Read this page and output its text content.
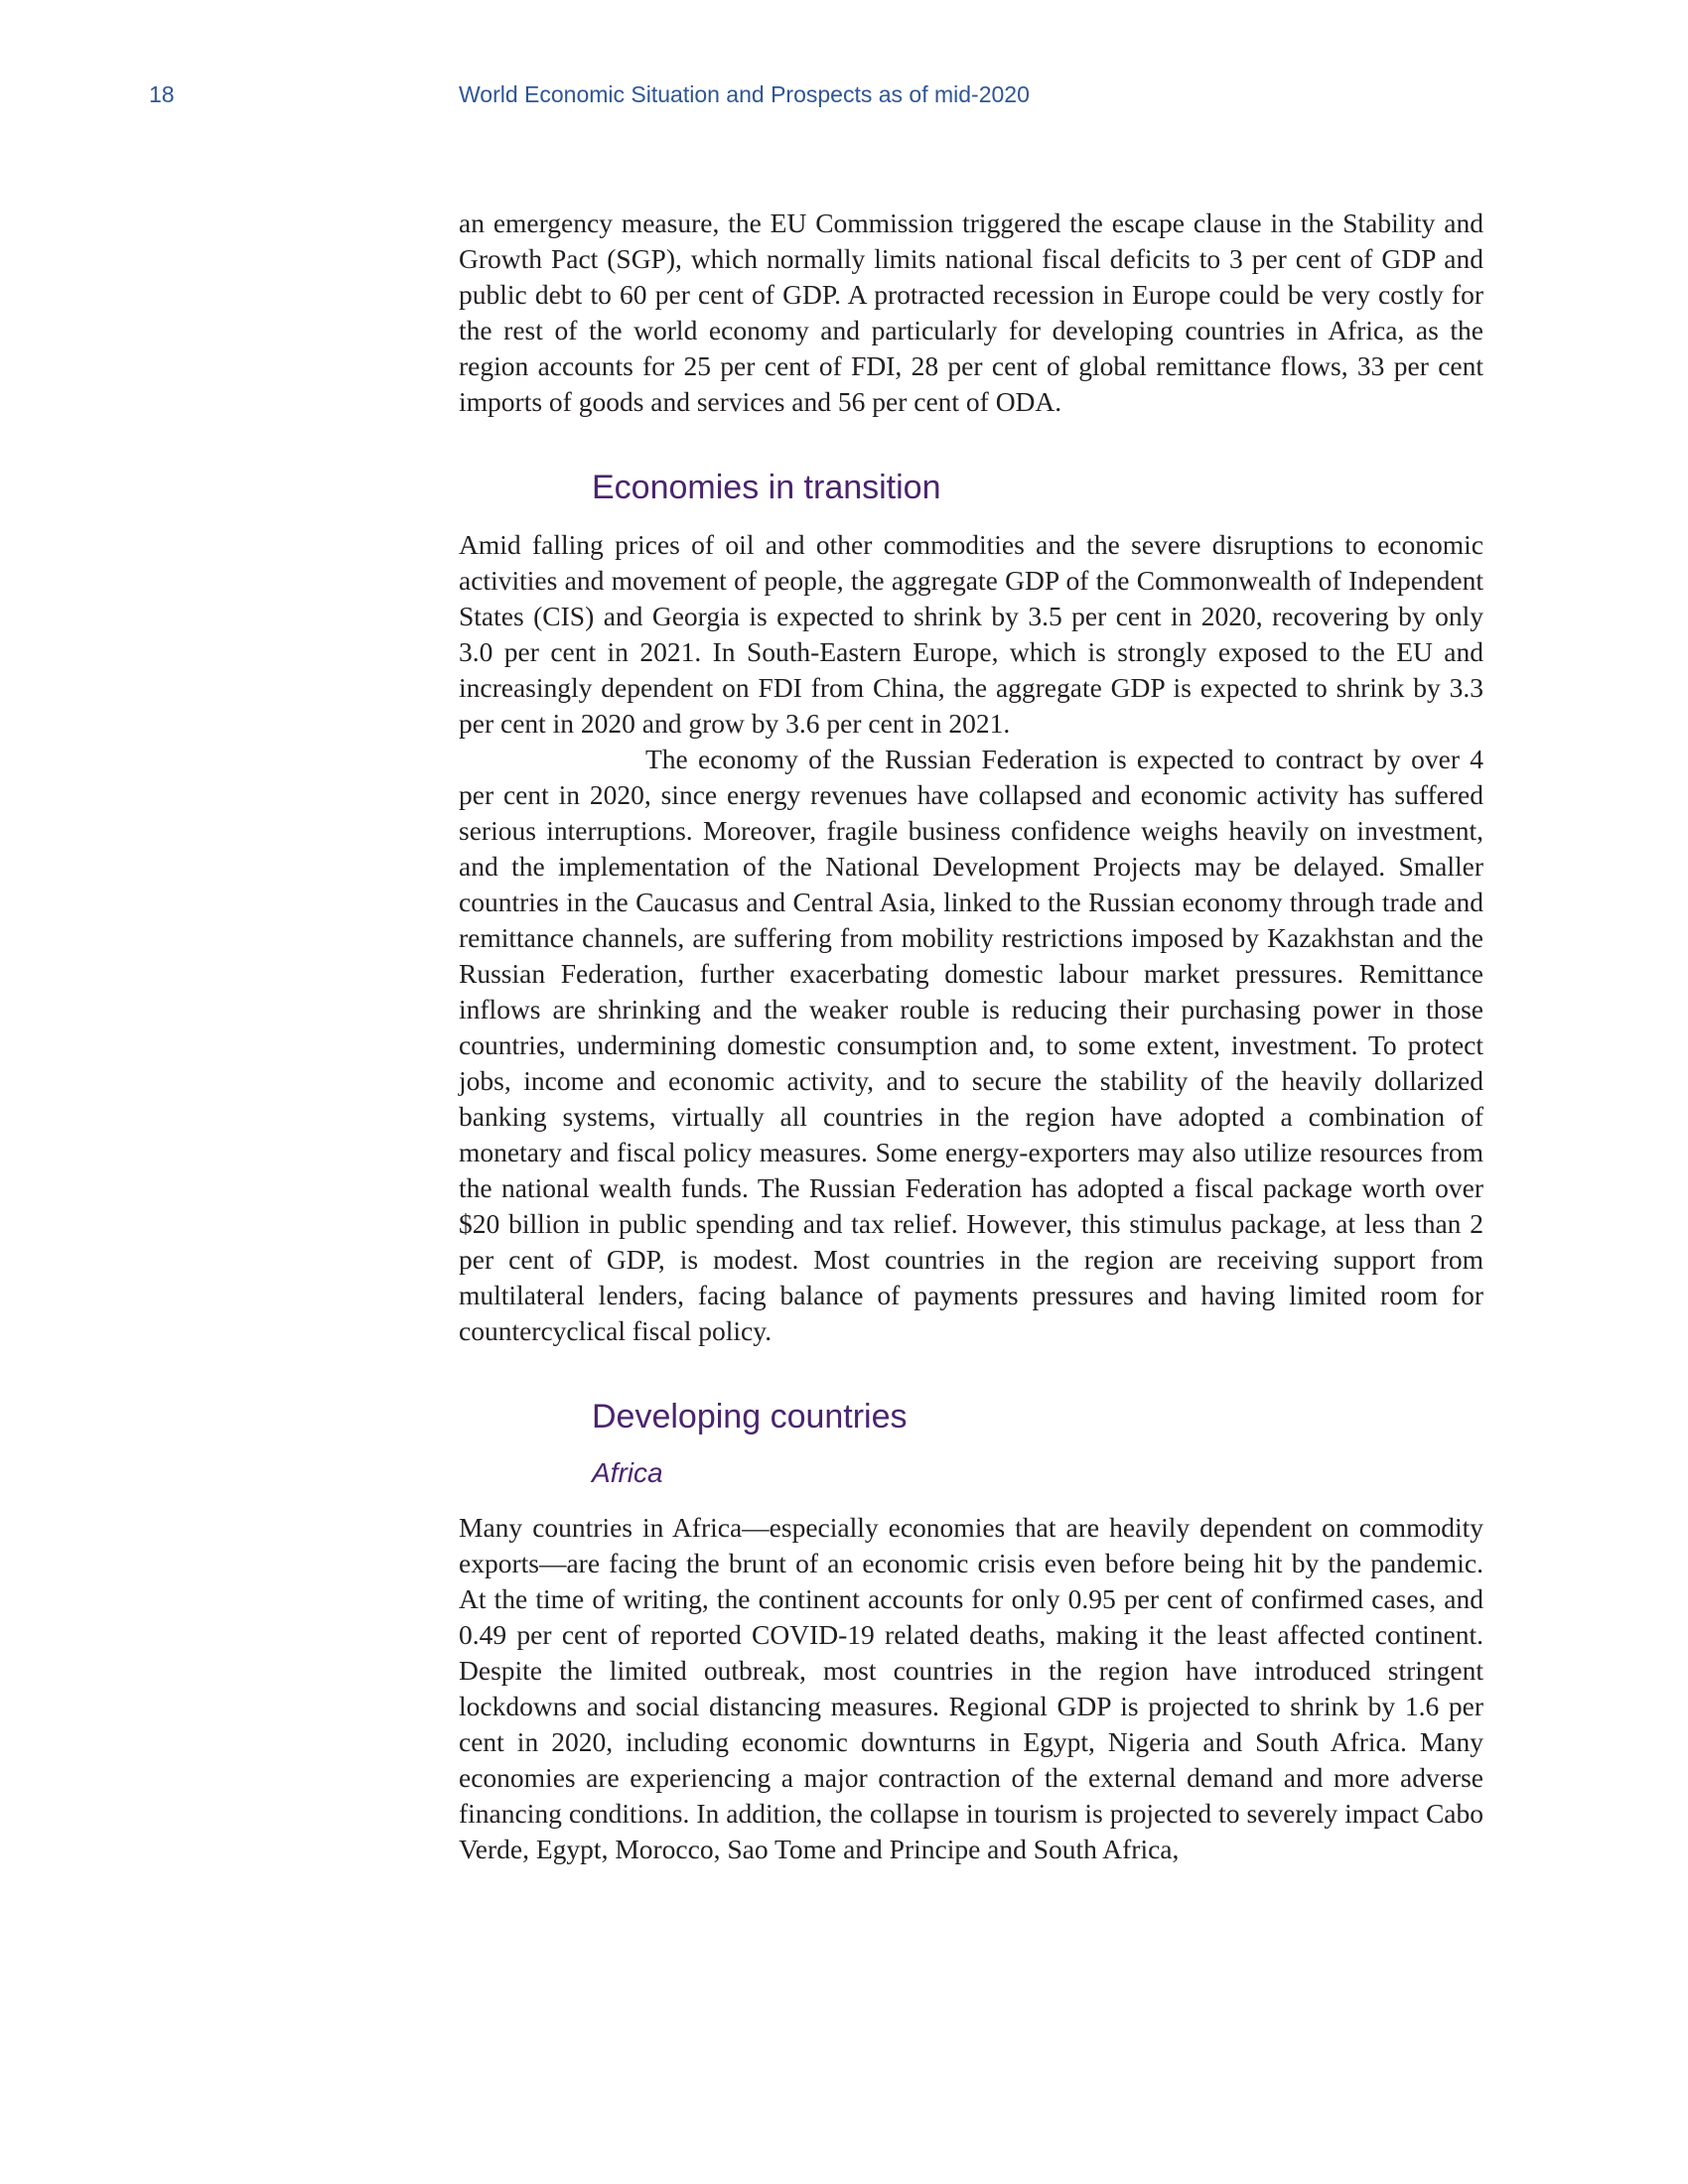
18	World Economic Situation and Prospects as of mid-2020

an emergency measure, the EU Commission triggered the escape clause in the Stability and Growth Pact (SGP), which normally limits national fiscal deficits to 3 per cent of GDP and public debt to 60 per cent of GDP. A protracted recession in Europe could be very costly for the rest of the world economy and particularly for developing countries in Africa, as the region accounts for 25 per cent of FDI, 28 per cent of global remittance flows, 33 per cent imports of goods and services and 56 per cent of ODA.

Economies in transition

Amid falling prices of oil and other commodities and the severe disruptions to economic activities and movement of people, the aggregate GDP of the Commonwealth of Independent States (CIS) and Georgia is expected to shrink by 3.5 per cent in 2020, recovering by only 3.0 per cent in 2021. In South-Eastern Europe, which is strongly exposed to the EU and increasingly dependent on FDI from China, the aggregate GDP is expected to shrink by 3.3 per cent in 2020 and grow by 3.6 per cent in 2021.

The economy of the Russian Federation is expected to contract by over 4 per cent in 2020, since energy revenues have collapsed and economic activity has suffered serious interruptions. Moreover, fragile business confidence weighs heavily on investment, and the implementation of the National Development Projects may be delayed. Smaller countries in the Caucasus and Central Asia, linked to the Russian economy through trade and remittance channels, are suffering from mobility restrictions imposed by Kazakhstan and the Russian Federation, further exacerbating domestic labour market pressures. Remittance inflows are shrinking and the weaker rouble is reducing their purchasing power in those countries, undermining domestic consumption and, to some extent, investment. To protect jobs, income and economic activity, and to secure the stability of the heavily dollarized banking systems, virtually all countries in the region have adopted a combination of monetary and fiscal policy measures. Some energy-exporters may also utilize resources from the national wealth funds. The Russian Federation has adopted a fiscal package worth over $20 billion in public spending and tax relief. However, this stimulus package, at less than 2 per cent of GDP, is modest. Most countries in the region are receiving support from multilateral lenders, facing balance of payments pressures and having limited room for countercyclical fiscal policy.

Developing countries
Africa

Many countries in Africa—especially economies that are heavily dependent on commodity exports—are facing the brunt of an economic crisis even before being hit by the pandemic. At the time of writing, the continent accounts for only 0.95 per cent of confirmed cases, and 0.49 per cent of reported COVID-19 related deaths, making it the least affected continent. Despite the limited outbreak, most countries in the region have introduced stringent lockdowns and social distancing measures. Regional GDP is projected to shrink by 1.6 per cent in 2020, including economic downturns in Egypt, Nigeria and South Africa. Many economies are experiencing a major contraction of the external demand and more adverse financing conditions. In addition, the collapse in tourism is projected to severely impact Cabo Verde, Egypt, Morocco, Sao Tome and Principe and South Africa,
